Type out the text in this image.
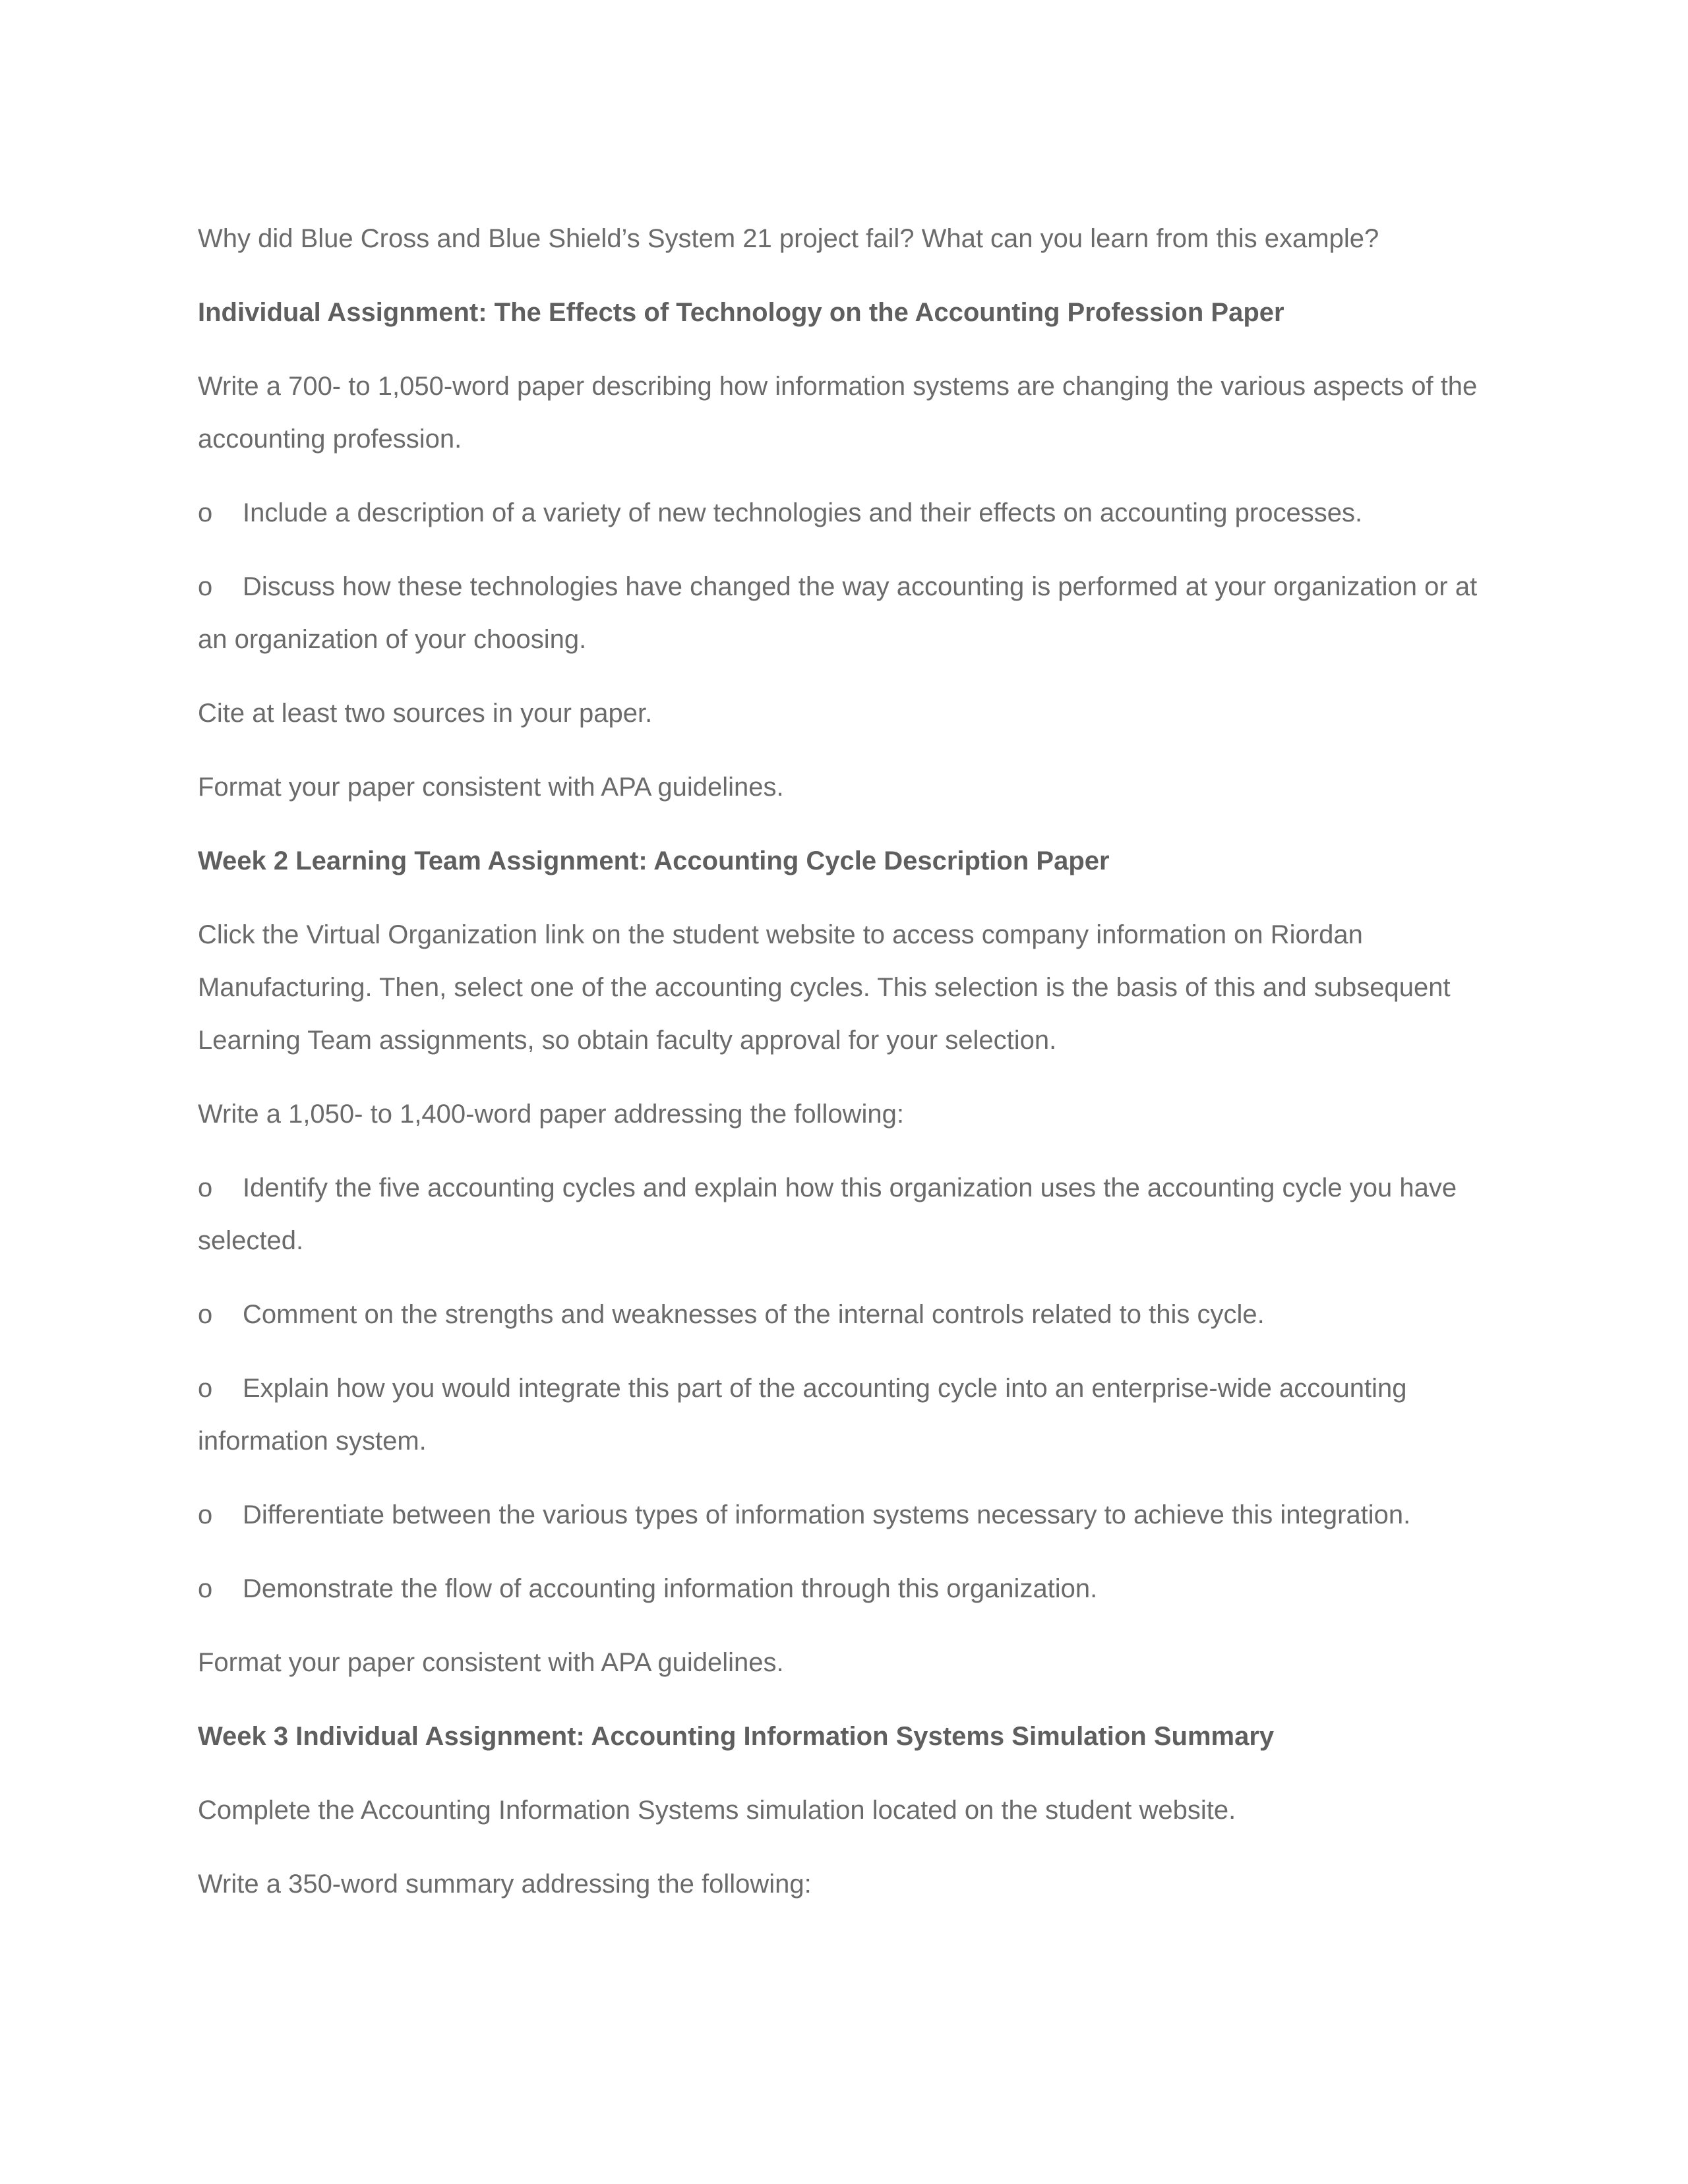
Why did Blue Cross and Blue Shield’s System 21 project fail? What can you learn from this example?

Individual Assignment: The Effects of Technology on the Accounting Profession Paper

Write a 700- to 1,050-word paper describing how information systems are changing the various aspects of the accounting profession.

o Include a description of a variety of new technologies and their effects on accounting processes.

o Discuss how these technologies have changed the way accounting is performed at your organization or at an organization of your choosing.

Cite at least two sources in your paper.

Format your paper consistent with APA guidelines.

Week 2 Learning Team Assignment: Accounting Cycle Description Paper

Click the Virtual Organization link on the student website to access company information on Riordan Manufacturing. Then, select one of the accounting cycles. This selection is the basis of this and subsequent Learning Team assignments, so obtain faculty approval for your selection.

Write a 1,050- to 1,400-word paper addressing the following:

o Identify the five accounting cycles and explain how this organization uses the accounting cycle you have selected.

o Comment on the strengths and weaknesses of the internal controls related to this cycle.

o Explain how you would integrate this part of the accounting cycle into an enterprise-wide accounting information system.

o Differentiate between the various types of information systems necessary to achieve this integration.

o Demonstrate the flow of accounting information through this organization.

Format your paper consistent with APA guidelines.

Week 3 Individual Assignment: Accounting Information Systems Simulation Summary

Complete the Accounting Information Systems simulation located on the student website.

Write a 350-word summary addressing the following:
